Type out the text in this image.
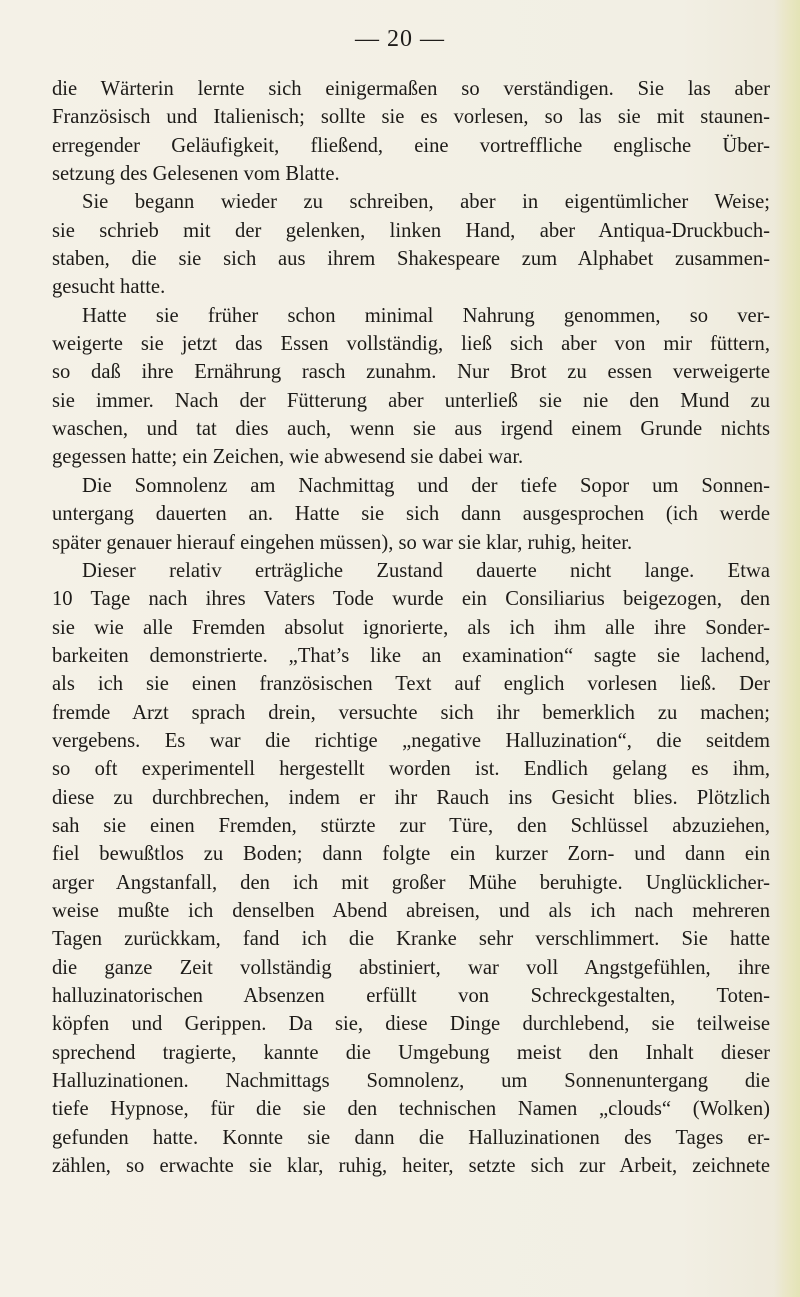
— 20 —
die Wärterin lernte sich einigermaßen so verständigen. Sie las aber
Französisch und Italienisch; sollte sie es vorlesen, so las sie mit staunen-
erregender Geläufigkeit, fließend, eine vortreffliche englische Über-
setzung des Gelesenen vom Blatte.
Sie begann wieder zu schreiben, aber in eigentümlicher Weise;
sie schrieb mit der gelenken, linken Hand, aber Antiqua-Druckbuch-
staben, die sie sich aus ihrem Shakespeare zum Alphabet zusammen-
gesucht hatte.
Hatte sie früher schon minimal Nahrung genommen, so ver-
weigerte sie jetzt das Essen vollständig, ließ sich aber von mir füttern,
so daß ihre Ernährung rasch zunahm. Nur Brot zu essen verweigerte
sie immer. Nach der Fütterung aber unterließ sie nie den Mund zu
waschen, und tat dies auch, wenn sie aus irgend einem Grunde nichts
gegessen hatte; ein Zeichen, wie abwesend sie dabei war.
Die Somnolenz am Nachmittag und der tiefe Sopor um Sonnen-
untergang dauerten an. Hatte sie sich dann ausgesprochen (ich werde
später genauer hierauf eingehen müssen), so war sie klar, ruhig, heiter.
Dieser relativ erträgliche Zustand dauerte nicht lange. Etwa
10 Tage nach ihres Vaters Tode wurde ein Consiliarius beigezogen, den
sie wie alle Fremden absolut ignorierte, als ich ihm alle ihre Sonder-
barkeiten demonstrierte. „That’s like an examination“ sagte sie lachend,
als ich sie einen französischen Text auf englich vorlesen ließ. Der
fremde Arzt sprach drein, versuchte sich ihr bemerklich zu machen;
vergebens. Es war die richtige „negative Halluzination“, die seitdem
so oft experimentell hergestellt worden ist. Endlich gelang es ihm,
diese zu durchbrechen, indem er ihr Rauch ins Gesicht blies. Plötzlich
sah sie einen Fremden, stürzte zur Türe, den Schlüssel abzuziehen,
fiel bewußtlos zu Boden; dann folgte ein kurzer Zorn- und dann ein
arger Angstanfall, den ich mit großer Mühe beruhigte. Unglücklicher-
weise mußte ich denselben Abend abreisen, und als ich nach mehreren
Tagen zurückkam, fand ich die Kranke sehr verschlimmert. Sie hatte
die ganze Zeit vollständig abstiniert, war voll Angstgefühlen, ihre
halluzinatorischen Absenzen erfüllt von Schreckgestalten, Toten-
köpfen und Gerippen. Da sie, diese Dinge durchlebend, sie teilweise
sprechend tragierte, kannte die Umgebung meist den Inhalt dieser
Halluzinationen. Nachmittags Somnolenz, um Sonnenuntergang die
tiefe Hypnose, für die sie den technischen Namen „clouds“ (Wolken)
gefunden hatte. Konnte sie dann die Halluzinationen des Tages er-
zählen, so erwachte sie klar, ruhig, heiter, setzte sich zur Arbeit, zeichnete
